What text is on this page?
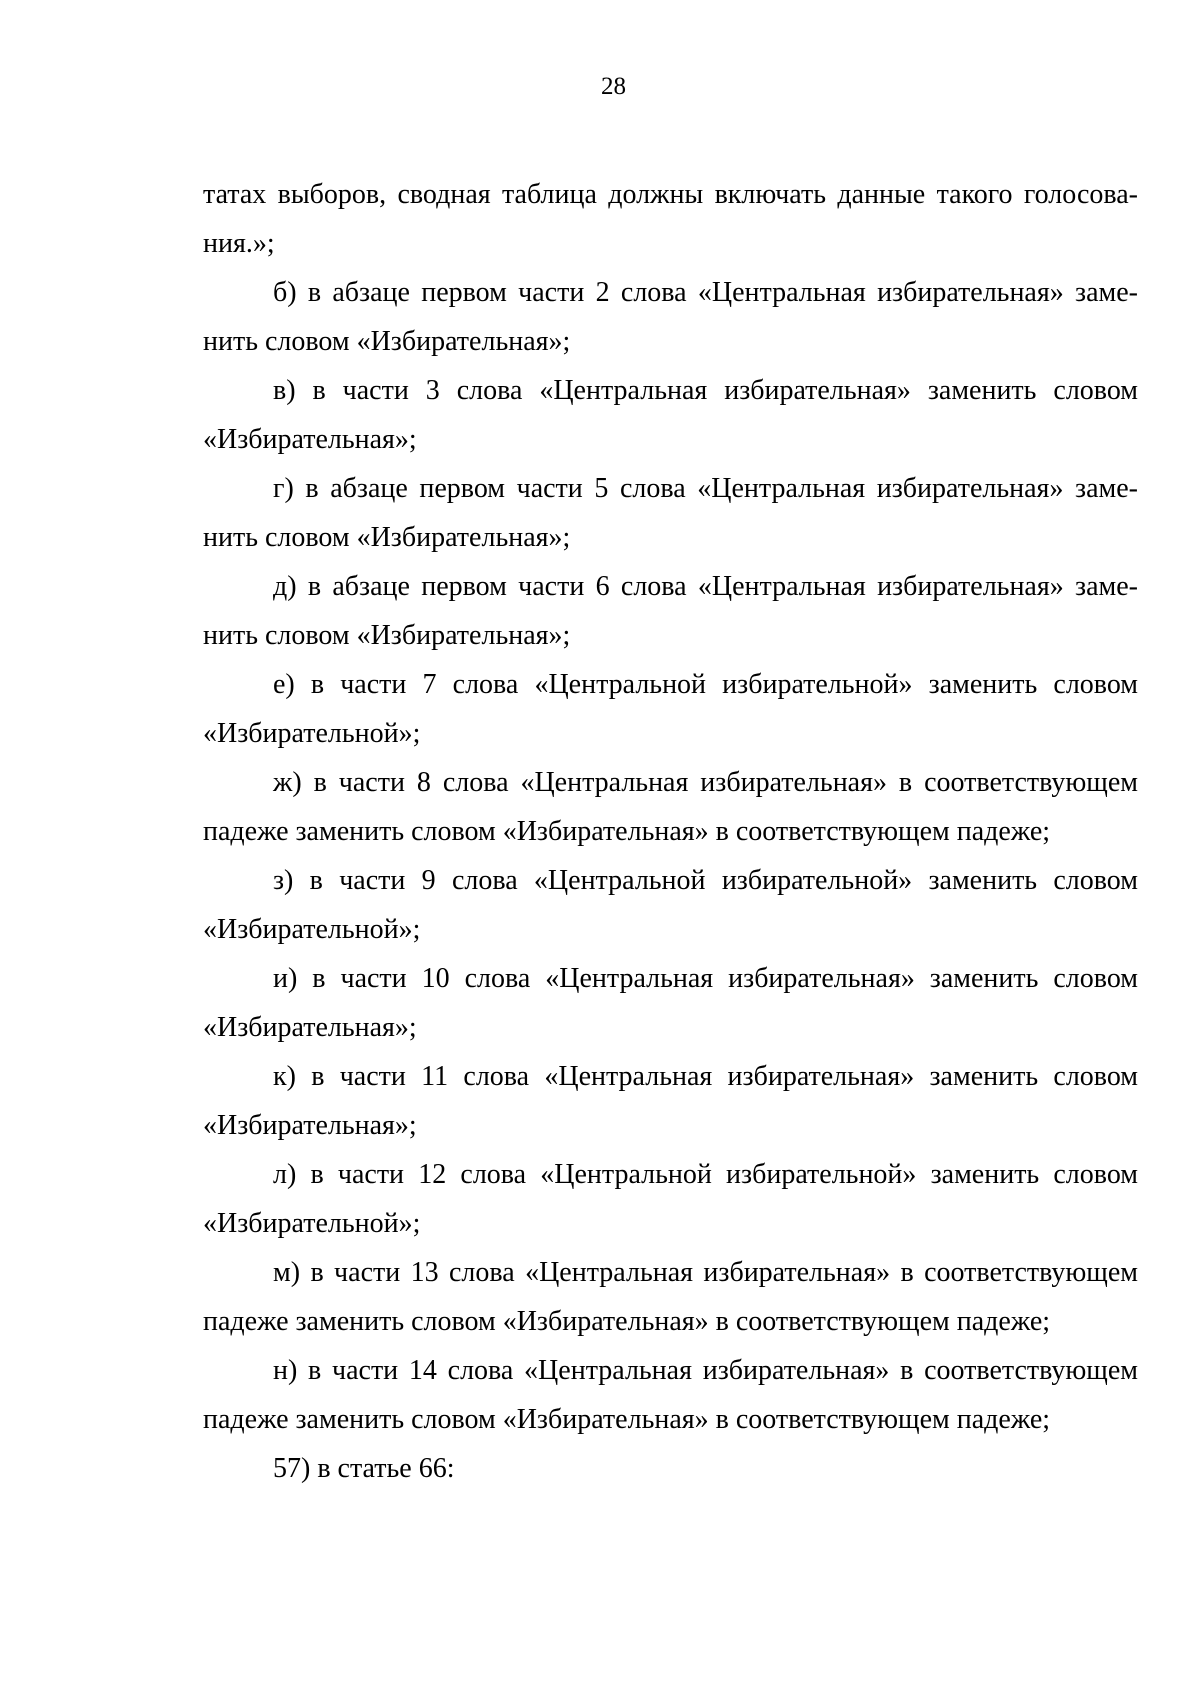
28

татах выборов, сводная таблица должны включать данные такого голосования.»;

б) в абзаце первом части 2 слова «Центральная избирательная» заменить словом «Избирательная»;

в) в части 3 слова «Центральная избирательная» заменить словом «Избирательная»;

г) в абзаце первом части 5 слова «Центральная избирательная» заменить словом «Избирательная»;

д) в абзаце первом части 6 слова «Центральная избирательная» заменить словом «Избирательная»;

е) в части 7 слова «Центральной избирательной» заменить словом «Избирательной»;

ж) в части 8 слова «Центральная избирательная» в соответствующем падеже заменить словом «Избирательная» в соответствующем падеже;

з) в части 9 слова «Центральной избирательной» заменить словом «Избирательной»;

и) в части 10 слова «Центральная избирательная» заменить словом «Избирательная»;

к) в части 11 слова «Центральная избирательная» заменить словом «Избирательная»;

л) в части 12 слова «Центральной избирательной» заменить словом «Избирательной»;

м) в части 13 слова «Центральная избирательная» в соответствующем падеже заменить словом «Избирательная» в соответствующем падеже;

н) в части 14 слова «Центральная избирательная» в соответствующем падеже заменить словом «Избирательная» в соответствующем падеже;

57) в статье 66:
